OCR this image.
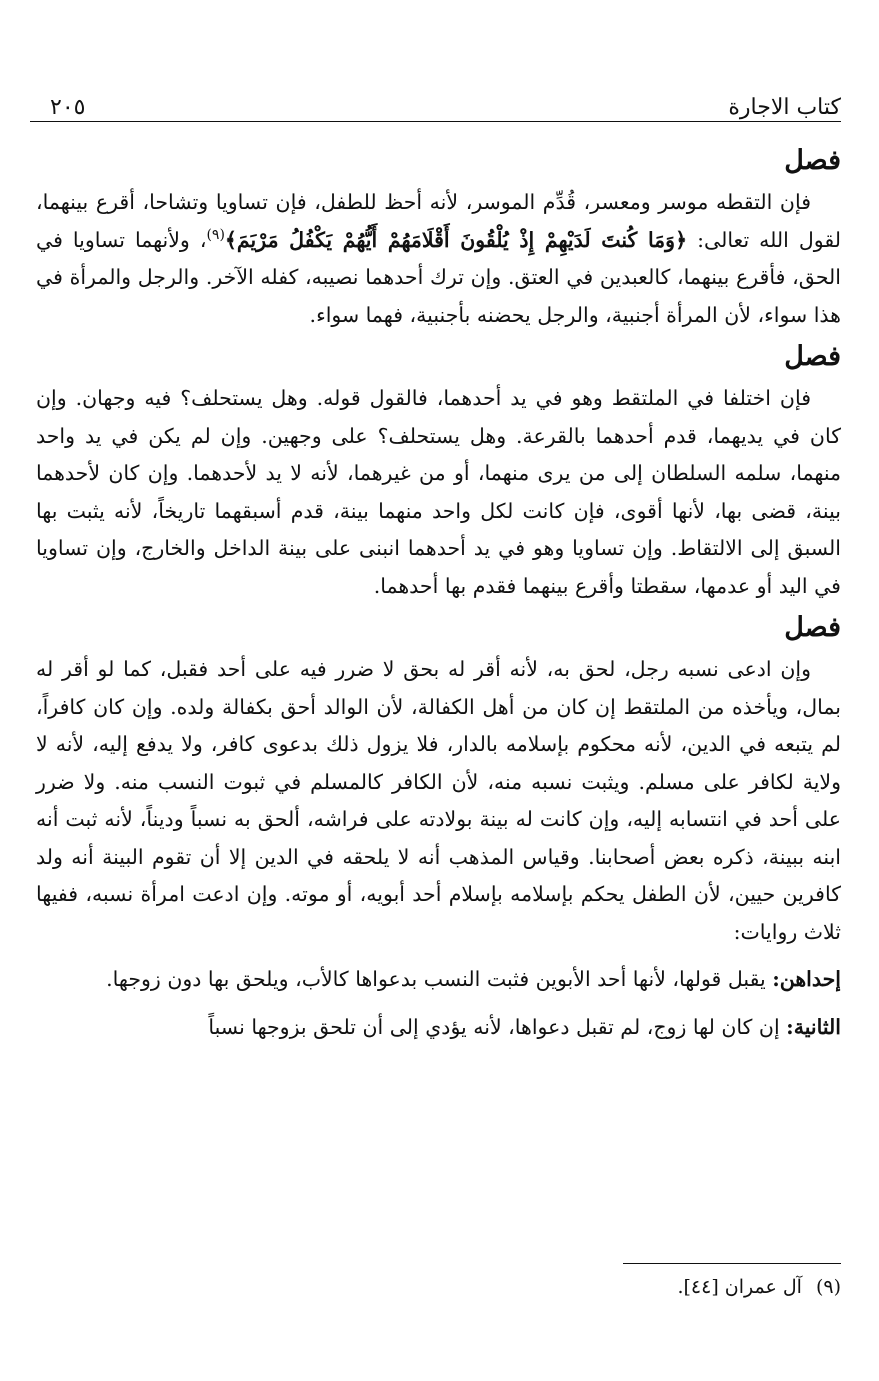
كتاب الاجارة
٢٠٥
فصل

فإن التقطه موسر ومعسر، قُدِّم الموسر، لأنه أحظ للطفل، فإن تساويا وتشاحا، أقرع بينهما، لقول الله تعالى: ﴿وَمَا كُنتَ لَدَيْهِمْ إِذْ يُلْقُونَ أَقْلَامَهُمْ أَيُّهُمْ يَكْفُلُ مَرْيَمَ﴾$^{(٩)}$، ولأنهما تساويا في الحق، فأقرع بينهما، كالعبدين في العتق. وإن ترك أحدهما نصيبه، كفله الآخر. والرجل والمرأة في هذا سواء، لأن المرأة أجنبية، والرجل يحضنه بأجنبية، فهما سواء.

فصل

فإن اختلفا في الملتقط وهو في يد أحدهما، فالقول قوله. وهل يستحلف؟ فيه وجهان. وإن كان في يديهما، قدم أحدهما بالقرعة. وهل يستحلف؟ على وجهين. وإن لم يكن في يد واحد منهما، سلمه السلطان إلى من يرى منهما، أو من غيرهما، لأنه لا يد لأحدهما. وإن كان لأحدهما بينة، قضى بها، لأنها أقوى، فإن كانت لكل واحد منهما بينة، قدم أسبقهما تاريخاً، لأنه يثبت بها السبق إلى الالتقاط. وإن تساويا وهو في يد أحدهما انبنى على بينة الداخل والخارج، وإن تساويا في اليد أو عدمها، سقطتا وأقرع بينهما فقدم بها أحدهما.

فصل

وإن ادعى نسبه رجل، لحق به، لأنه أقر له بحق لا ضرر فيه على أحد فقبل، كما لو أقر له بمال، ويأخذه من الملتقط إن كان من أهل الكفالة، لأن الوالد أحق بكفالة ولده. وإن كان كافراً، لم يتبعه في الدين، لأنه محكوم بإسلامه بالدار، فلا يزول ذلك بدعوى كافر، ولا يدفع إليه، لأنه لا ولاية لكافر على مسلم. ويثبت نسبه منه، لأن الكافر كالمسلم في ثبوت النسب منه. ولا ضرر على أحد في انتسابه إليه، وإن كانت له بينة بولادته على فراشه، ألحق به نسباً وديناً، لأنه ثبت أنه ابنه ببينة، ذكره بعض أصحابنا. وقياس المذهب أنه لا يلحقه في الدين إلا أن تقوم البينة أنه ولد كافرين حيين، لأن الطفل يحكم بإسلامه بإسلام أحد أبويه، أو موته. وإن ادعت امرأة نسبه، ففيها ثلاث روايات:

إحداهن: يقبل قولها، لأنها أحد الأبوين فثبت النسب بدعواها كالأب، ويلحق بها دون زوجها.

الثانية: إن كان لها زوج، لم تقبل دعواها، لأنه يؤدي إلى أن تلحق بزوجها نسباً

(٩)
آل عمران [٤٤].
